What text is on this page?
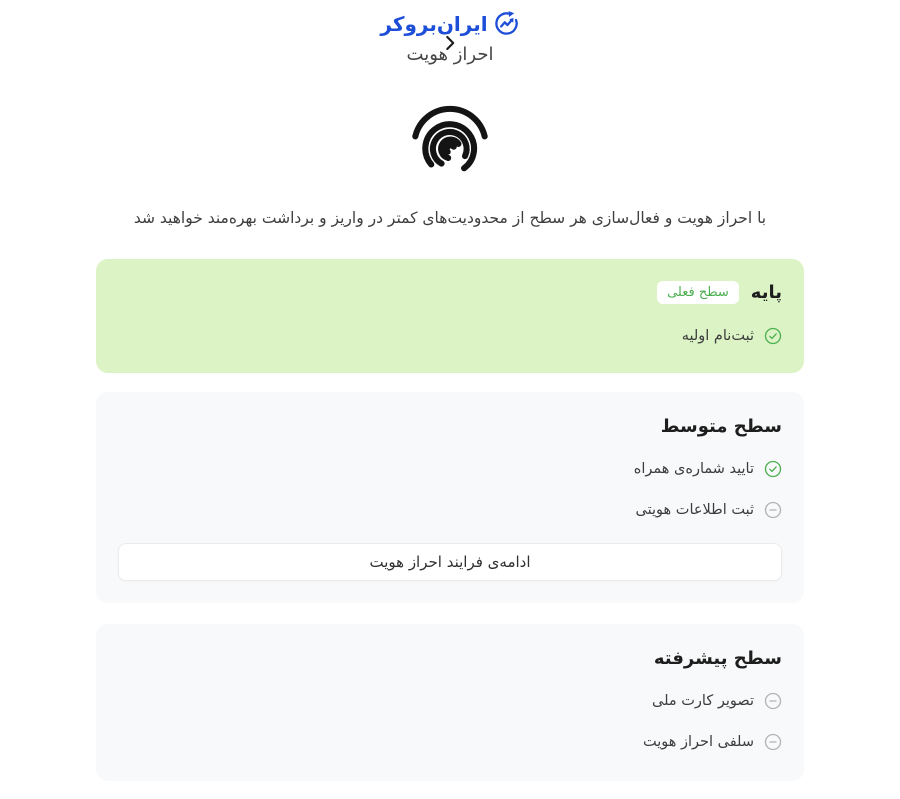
ایران‌بروکر
احراز هویت

با احراز هویت و فعال‌سازی هر سطح از محدودیت‌های کمتر در واریز و برداشت بهره‌مند خواهید شد

پایه
سطح فعلی
ثبت‌نام اولیه
سطح متوسط
تایید شماره‌ی همراه
ثبت اطلاعات هویتی
ادامه‌ی فرایند احراز هویت
سطح پیشرفته
تصویر کارت ملی
سلفی احراز هویت
